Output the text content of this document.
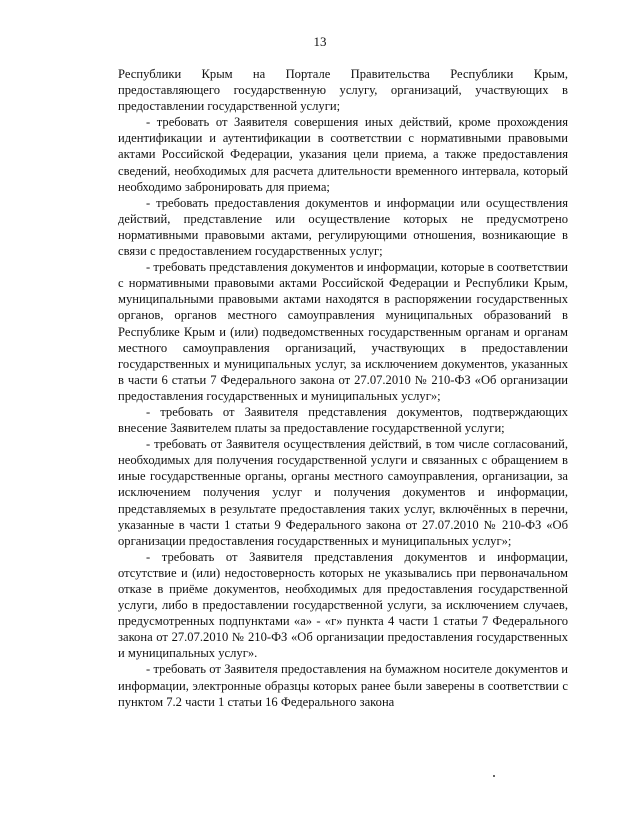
13

Республики Крым на Портале Правительства Республики Крым, предоставляющего государственную услугу, организаций, участвующих в предоставлении государственной услуги;

- требовать от Заявителя совершения иных действий, кроме прохождения идентификации и аутентификации в соответствии с нормативными правовыми актами Российской Федерации, указания цели приема, а также предоставления сведений, необходимых для расчета длительности временного интервала, который необходимо забронировать для приема;

- требовать предоставления документов и информации или осуществления действий, представление или осуществление которых не предусмотрено нормативными правовыми актами, регулирующими отношения, возникающие в связи с предоставлением государственных услуг;

- требовать представления документов и информации, которые в соответствии с нормативными правовыми актами Российской Федерации и Республики Крым, муниципальными правовыми актами находятся в распоряжении государственных органов, органов местного самоуправления муниципальных образований в Республике Крым и (или) подведомственных государственным органам и органам местного самоуправления организаций, участвующих в предоставлении государственных и муниципальных услуг, за исключением документов, указанных в части 6 статьи 7 Федерального закона от 27.07.2010 № 210-ФЗ «Об организации предоставления государственных и муниципальных услуг»;

- требовать от Заявителя представления документов, подтверждающих внесение Заявителем платы за предоставление государственной услуги;

- требовать от Заявителя осуществления действий, в том числе согласований, необходимых для получения государственной услуги и связанных с обращением в иные государственные органы, органы местного самоуправления, организации, за исключением получения услуг и получения документов и информации, представляемых в результате предоставления таких услуг, включённых в перечни, указанные в части 1 статьи 9 Федерального закона от 27.07.2010 № 210-ФЗ «Об организации предоставления государственных и муниципальных услуг»;

- требовать от Заявителя представления документов и информации, отсутствие и (или) недостоверность которых не указывались при первоначальном отказе в приёме документов, необходимых для предоставления государственной услуги, либо в предоставлении государственной услуги, за исключением случаев, предусмотренных подпунктами «а» - «г» пункта 4 части 1 статьи 7 Федерального закона от 27.07.2010 № 210-ФЗ «Об организации предоставления государственных и муниципальных услуг».

- требовать от Заявителя предоставления на бумажном носителе документов и информации, электронные образцы которых ранее были заверены в соответствии с пунктом 7.2 части 1 статьи 16 Федерального закона
